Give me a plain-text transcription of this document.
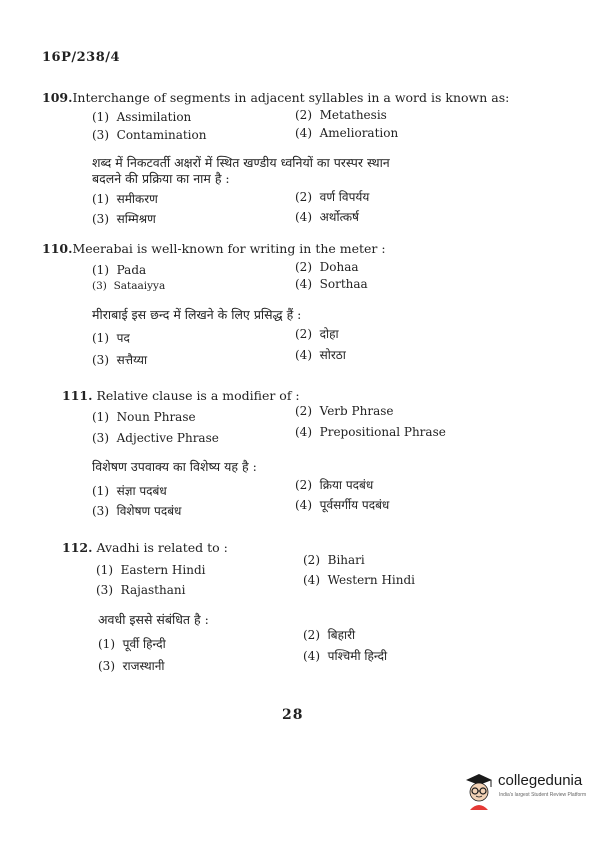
16P/238/4
109.Interchange of segments in adjacent syllables in a word is known as:
(1) Assimilation	(2) Metathesis
(3) Contamination	(4) Amelioration
शब्द में निकटवर्ती अक्षरों में स्थित खण्डीय ध्वनियों का परस्पर स्थान
बदलने की प्रक्रिया का नाम है :
(1) समीकरण	(2) वर्ण विपर्यय
(3) सम्मिश्रण	(4) अर्थोत्कर्ष
110.Meerabai is well-known for writing in the meter :
(1) Pada	(2) Dohaa
(3) Sataaiyya	(4) Sorthaa
मीराबाई इस छन्द में लिखने के लिए प्रसिद्ध हैं :
(1) पद	(2) दोहा
(3) सत्तैय्या	(4) सोरठा
111. Relative clause is a modifier of :
(1) Noun Phrase	(2) Verb Phrase
(3) Adjective Phrase	(4) Prepositional Phrase
विशेषण उपवाक्य का विशेष्य यह है :
(1) संज्ञा पदबंध	(2) क्रिया पदबंध
(3) विशेषण पदबंध	(4) पूर्वसर्गीय पदबंध
112. Avadhi is related to :
(1) Eastern Hindi
(2) Bihari
(3) Rajasthani
(4) Western Hindi
अवधी इससे संबंधित है :
(1) पूर्वी हिन्दी
(2) बिहारी
(3) राजस्थानी
(4) पश्चिमी हिन्दी
28
collegedunia
India's largest Student Review Platform
